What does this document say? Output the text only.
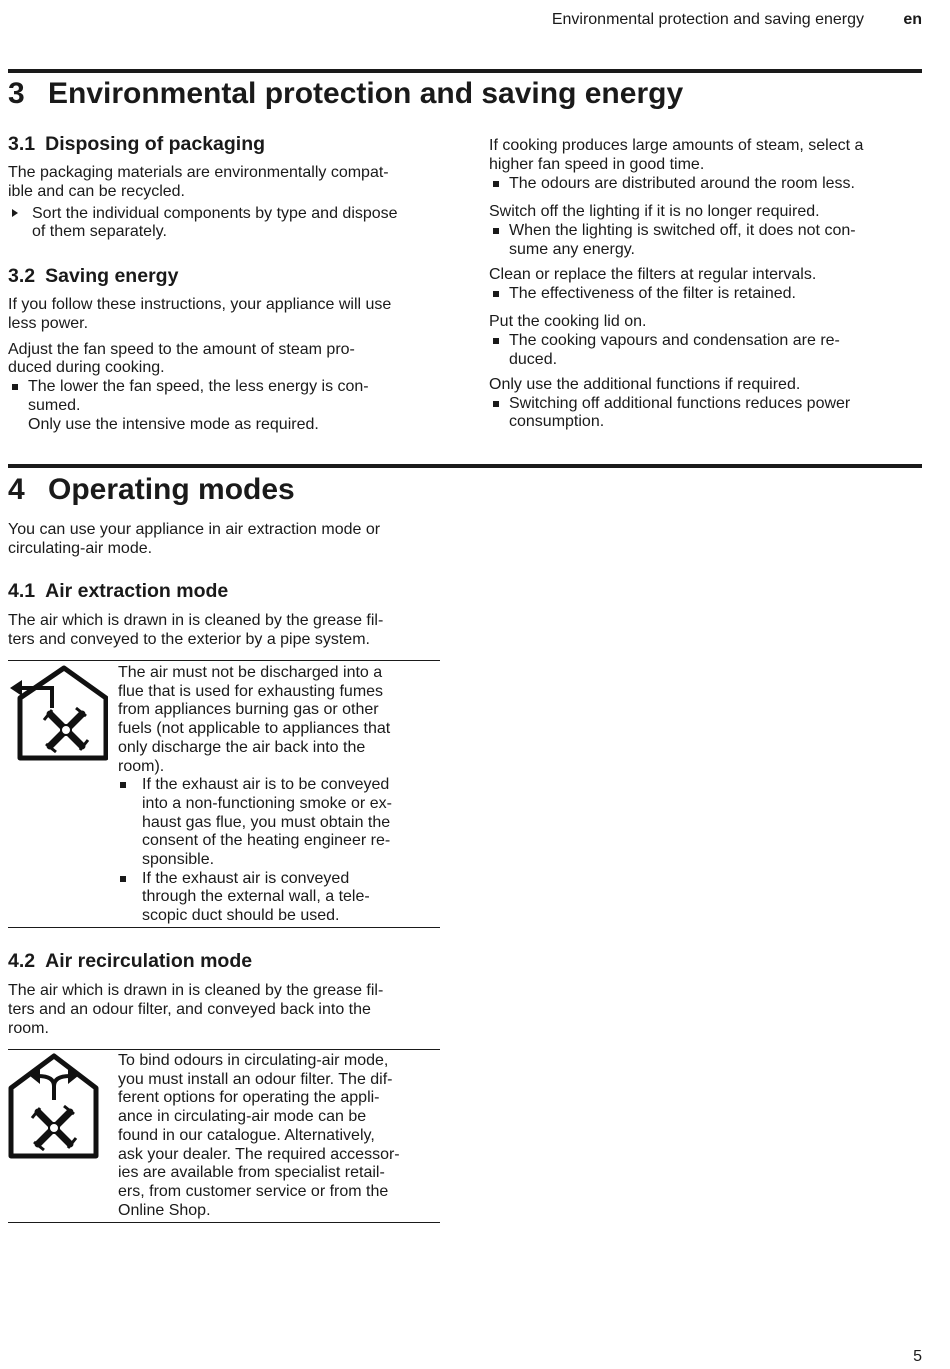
Environmental protection and saving energy en
3 Environmental protection and saving energy
3.1 Disposing of packaging

The packaging materials are environmentally compat-
ible and can be recycled.

Sort the individual components by type and dispose
of them separately.
3.2 Saving energy

If you follow these instructions, your appliance will use
less power.

Adjust the fan speed to the amount of steam pro-
duced during cooking.

The lower the fan speed, the less energy is con-
sumed.
Only use the intensive mode as required.

If cooking produces large amounts of steam, select a
higher fan speed in good time.

The odours are distributed around the room less.

Switch off the lighting if it is no longer required.

When the lighting is switched off, it does not con-
sume any energy.

Clean or replace the filters at regular intervals.

The effectiveness of the filter is retained.

Put the cooking lid on.

The cooking vapours and condensation are re-
duced.

Only use the additional functions if required.

Switching off additional functions reduces power
consumption.
4 Operating modes

You can use your appliance in air extraction mode or
circulating-air mode.

4.1 Air extraction mode

The air which is drawn in is cleaned by the grease fil-
ters and conveyed to the exterior by a pipe system.

The air must not be discharged into a
flue that is used for exhausting fumes
from appliances burning gas or other
fuels (not applicable to appliances that
only discharge the air back into the
room).

If the exhaust air is to be conveyed
into a non-functioning smoke or ex-
haust gas flue, you must obtain the
consent of the heating engineer re-
sponsible.
If the exhaust air is conveyed
through the external wall, a tele-
scopic duct should be used.
4.2 Air recirculation mode

The air which is drawn in is cleaned by the grease fil-
ters and an odour filter, and conveyed back into the
room.

To bind odours in circulating-air mode,
you must install an odour filter. The dif-
ferent options for operating the appli-
ance in circulating-air mode can be
found in our catalogue. Alternatively,
ask your dealer. The required accessor-
ies are available from specialist retail-
ers, from customer service or from the
Online Shop.

5
